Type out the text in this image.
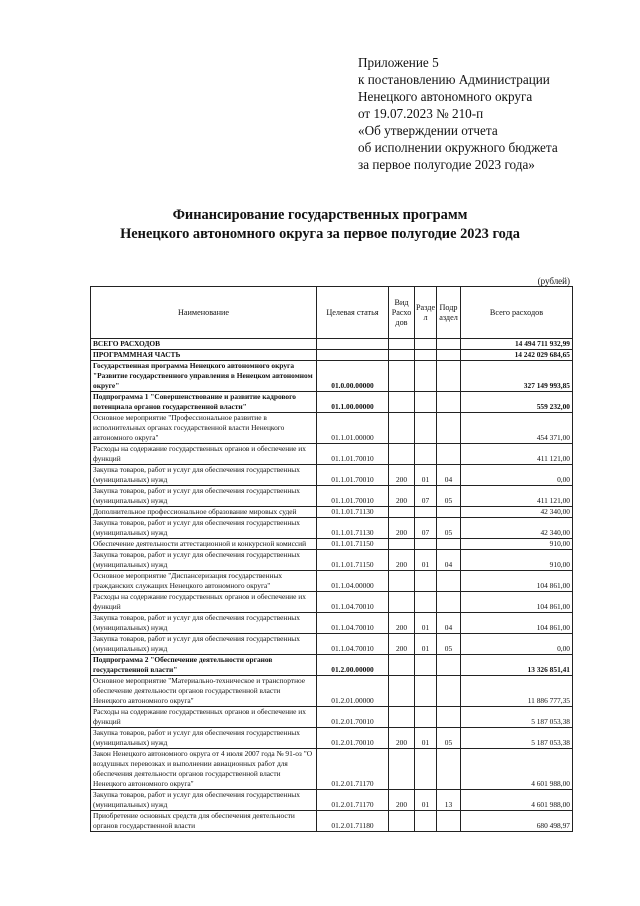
Приложение 5
к постановлению Администрации
Ненецкого автономного округа
от 19.07.2023 № 210-п
«Об утверждении отчета
об исполнении окружного бюджета
за первое полугодие 2023 года»
Финансирование государственных программ
Ненецкого автономного округа за первое полугодие 2023 года
(рублей)
Наименование	Целевая статья	Вид Расхо дов	Разде л	Подр аздел	Всего расходов
ВСЕГО РАСХОДОВ					14 494 711 932,99
ПРОГРАММНАЯ ЧАСТЬ					14 242 029 684,65
Государственная программа Ненецкого автономного округа "Развитие государственного управления в Ненецком автономном округе"	01.0.00.00000				327 149 993,85
Подпрограмма 1 "Совершенствование и развитие кадрового потенциала органов государственной власти"	01.1.00.00000				559 232,00
Основное мероприятие "Профессиональное развитие в исполнительных органах государственной власти Ненецкого автономного округа"	01.1.01.00000				454 371,00
Расходы на содержание государственных органов и обеспечение их функций	01.1.01.70010				411 121,00
Закупка товаров, работ и услуг для обеспечения государственных (муниципальных) нужд	01.1.01.70010	200	01	04	0,00
Закупка товаров, работ и услуг для обеспечения государственных (муниципальных) нужд	01.1.01.70010	200	07	05	411 121,00
Дополнительное профессиональное образование мировых судей	01.1.01.71130				42 340,00
Закупка товаров, работ и услуг для обеспечения государственных (муниципальных) нужд	01.1.01.71130	200	07	05	42 340,00
Обеспечение деятельности аттестационной и конкурсной комиссий	01.1.01.71150				910,00
Закупка товаров, работ и услуг для обеспечения государственных (муниципальных) нужд	01.1.01.71150	200	01	04	910,00
Основное мероприятие "Диспансеризация государственных гражданских служащих Ненецкого автономного округа"	01.1.04.00000				104 861,00
Расходы на содержание государственных органов и обеспечение их функций	01.1.04.70010				104 861,00
Закупка товаров, работ и услуг для обеспечения государственных (муниципальных) нужд	01.1.04.70010	200	01	04	104 861,00
Закупка товаров, работ и услуг для обеспечения государственных (муниципальных) нужд	01.1.04.70010	200	01	05	0,00
Подпрограмма 2 "Обеспечение деятельности органов государственной власти"	01.2.00.00000				13 326 851,41
Основное мероприятие "Материально-техническое и транспортное обеспечение деятельности органов государственной власти Ненецкого автономного округа"	01.2.01.00000				11 886 777,35
Расходы на содержание государственных органов и обеспечение их функций	01.2.01.70010				5 187 053,38
Закупка товаров, работ и услуг для обеспечения государственных (муниципальных) нужд	01.2.01.70010	200	01	05	5 187 053,38
Закон Ненецкого автономного округа от 4 июля 2007 года № 91-оз "О воздушных перевозках и выполнении авиационных работ для обеспечения деятельности органов государственной власти Ненецкого автономного округа"	01.2.01.71170				4 601 988,00
Закупка товаров, работ и услуг для обеспечения государственных (муниципальных) нужд	01.2.01.71170	200	01	13	4 601 988,00
Приобретение основных средств для обеспечения деятельности органов государственной власти	01.2.01.71180				680 498,97
